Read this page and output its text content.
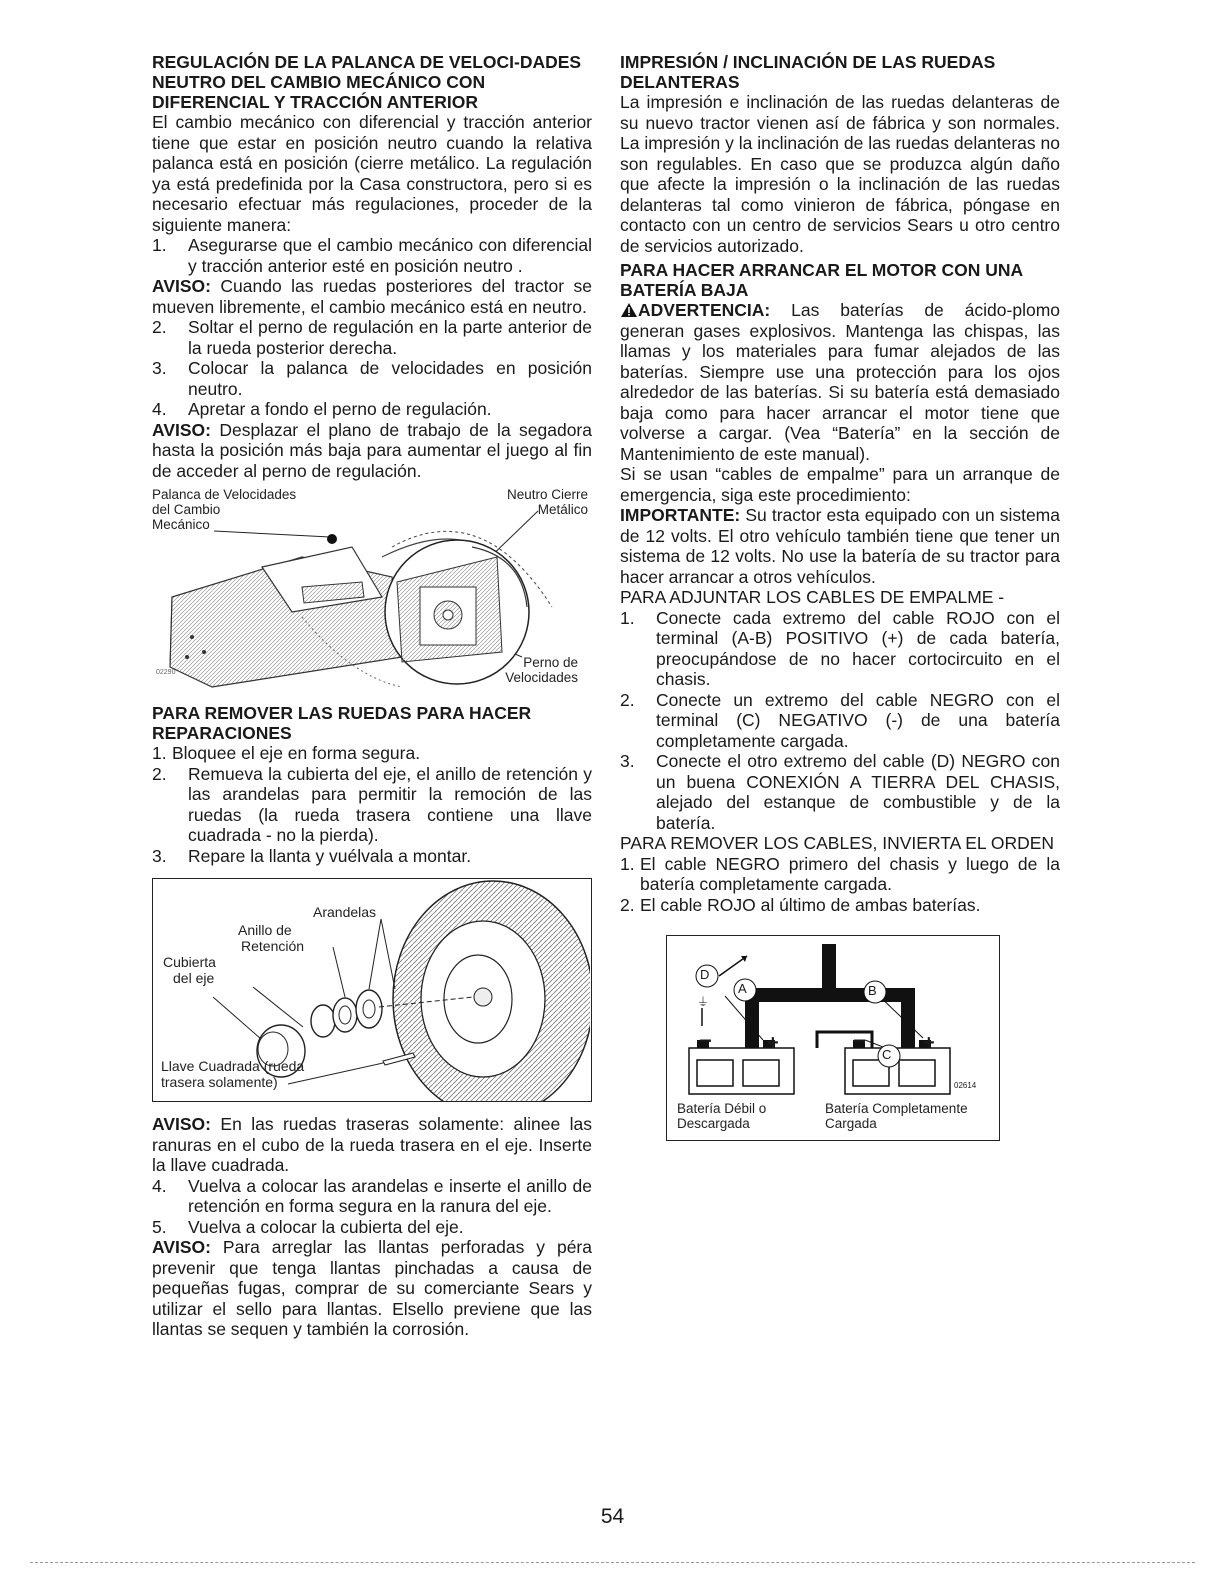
REGULACIÓN DE LA PALANCA DE VELOCI-DADES NEUTRO DEL CAMBIO MECÁNICO CON DIFERENCIAL Y TRACCIÓN ANTERIOR

El cambio mecánico con diferencial y tracción anterior tiene que estar en posición neutro cuando la relativa palanca está en posición (cierre metálico. La regulación ya está predefinida por la Casa constructora, pero si es necesario efectuar más regulaciones, proceder de la siguiente manera:

1.	Asegurarse que el cambio mecánico con diferencial y tracción anterior esté en posición neutro .

AVISO: Cuando las ruedas posteriores del tractor se mueven libremente, el cambio mecánico está en neutro.

2.	Soltar el perno de regulación en la parte anterior de la rueda posterior derecha.
3.	Colocar la palanca de velocidades en posición neutro.
4.	Apretar a fondo el perno de regulación.

AVISO: Desplazar el plano de trabajo de la segadora hasta la posición más baja para aumentar el juego al fin de acceder al perno de regulación.

Palanca de Velocidades
del Cambio
Mecánico
Neutro Cierre
Metálico
Perno de
Velocidades
02290

PARA REMOVER LAS RUEDAS PARA HACER REPARACIONES

1. Bloquee el eje en forma segura.
2.	Remueva la cubierta del eje, el anillo de retención y las arandelas para permitir la remoción de las ruedas (la rueda trasera contiene una llave cuadrada - no la pierda).
3.	Repare la llanta y vuélvala a montar.
Arandelas
Anillo de
Retención
Cubierta
del eje
Llave Cuadrada (rueda
trasera solamente)

AVISO: En las ruedas traseras solamente: alinee las ranuras en el cubo de la rueda trasera en el eje. Inserte la llave cuadrada.

4.	Vuelva a colocar las arandelas e inserte el anillo de retención en forma segura en la ranura del eje.
5.	Vuelva a colocar la cubierta del eje.

AVISO: Para arreglar las llantas perforadas y péra prevenir que tenga llantas pinchadas a causa de pequeñas fugas, comprar de su comerciante Sears y utilizar el sello para llantas. Elsello previene que las llantas se sequen y también la corrosión.

IMPRESIÓN / INCLINACIÓN DE LAS RUEDAS DELANTERAS

La impresión e inclinación de las ruedas delanteras de su nuevo tractor vienen así de fábrica y son normales. La impresión y la inclinación de las ruedas delanteras no son regulables. En caso que se produzca algún daño que afecte la impresión o la inclinación de las ruedas delanteras tal como vinieron de fábrica, póngase en contacto con un centro de servicios Sears u otro centro de servicios autorizado.

PARA HACER ARRANCAR EL MOTOR CON UNA BATERÍA BAJA

ADVERTENCIA: Las baterías de ácido-plomo generan gases explosivos. Mantenga las chispas, las llamas y los materiales para fumar alejados de las baterías. Siempre use una protección para los ojos alrededor de las baterías. Si su batería está demasiado baja como para hacer arrancar el motor tiene que volverse a cargar. (Vea “Batería” en la sección de Mantenimiento de este manual).

Si se usan “cables de empalme” para un arranque de emergencia, siga este procedimiento:

IMPORTANTE: Su tractor esta equipado con un sistema de 12 volts. El otro vehículo también tiene que tener un sistema de 12 volts. No use la batería de su tractor para hacer arrancar a otros vehículos.

PARA ADJUNTAR LOS CABLES DE EMPALME -

1.	Conecte cada extremo del cable ROJO con el terminal (A-B) POSITIVO (+) de cada batería, preocupándose de no hacer cortocircuito en el chasis.
2.	Conecte un extremo del cable NEGRO con el terminal (C) NEGATIVO (-) de una batería completamente cargada.
3.	Conecte el otro extremo del cable (D) NEGRO con un buena CONEXIÓN A TIERRA DEL CHASIS, alejado del estanque de combustible y de la batería.

PARA REMOVER LOS CABLES, INVIERTA EL ORDEN

1. El cable NEGRO primero del chasis y luego de la batería completamente cargada.
2. El cable ROJO al último de ambas baterías.
⏚
D
A	B
C
+
−	−	+
02614
Batería Débil o
Descargada
Batería Completamente
Cargada
54
